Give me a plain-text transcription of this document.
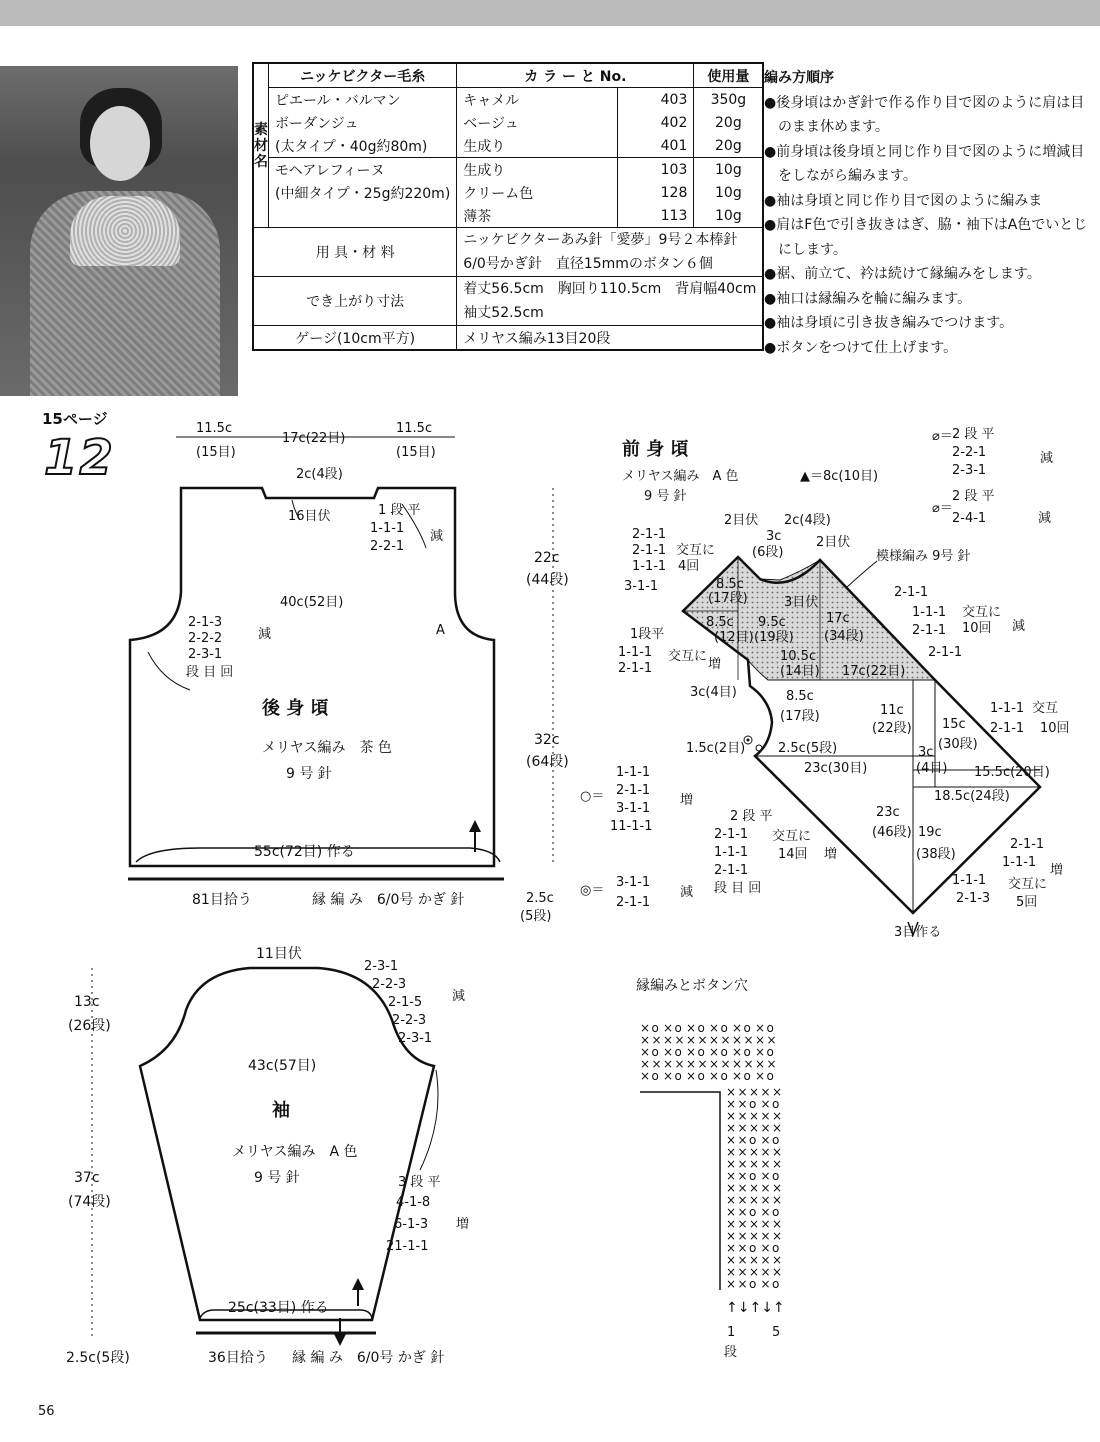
素材名	ニッケビクター毛糸	カ ラ ー と No.		使用量
	ピエール・バルマン	キャメル	403	350g
	ボーダンジュ	ベージュ	402	20g
	(太タイプ・40g約80m)	生成り	401	20g
	モヘアレフィーヌ	生成り	103	10g
	(中細タイプ・25g約220m)	クリーム色	128	10g
		薄茶	113	10g
用 具・材 料		ニッケビクターあみ針「愛夢」9号２本棒針
6/0号かぎ針　直径15mmのボタン６個		

でき上がり寸法		着丈56.5cm　胸回り110.5cm　背肩幅40cm
袖丈52.5cm		

ゲージ(10cm平方)		メリヤス編み13目20段		
編み方順序
●後身頃はかぎ針で作る作り目で図のように肩は目のまま休めます。
●前身頃は後身頃と同じ作り目で図のように増減目をしながら編みます。
●袖は身頃と同じ作り目で図のように編みま
●肩はF色で引き抜きはぎ、脇・袖下はA色でいとじにします。
●裾、前立て、衿は続けて縁編みをします。
●袖口は縁編みを輪に編みます。
●袖は身頃に引き抜き編みでつけます。
●ボタンをつけて仕上げます。
15ページ
12
56
11.5c
(15目)
17c(22目)
11.5c
(15目)
2c(4段)
16目伏	1 段 平
1-1-1
2-2-1
減
40c(52目)
2-1-3
2-2-2
2-3-1
減
段 目 回
A
後 身 頃
メリヤス編み　茶 色
9 号 針
22c
(44段)
32c
(64段)
55c(72目) 作る
81目拾う	縁 編 み　6/0号 かぎ 針	2.5c
(5段)
前 身 頃
メリヤス編み　A 色	▲＝8c(10目)
9 号 針
⌀＝ 2 段 平
2-2-1
2-3-1
減
⌀＝
2 段 平
2-4-1	減
模様編み 9号 針
2目伏 2c(4段)
3c
(6段)
3目伏
2目伏
8.5c
(17段)
8.5c
(12目)
9.5c
(19段)
17c
(34段)
10.5c
(14目) 17c(22目)
3c(4目)	8.5c
(17段)	11c
(22段) 15c
(30段)
1.5c(2目)	2.5c(5段)
23c(30目)
3c
(4目) 15.5c(20目)
18.5c(24段)
23c
(46段) 19c
(38段)
3目作る
2-1-1
2-1-1
1-1-1
3-1-1
交互に
4回
1段平
1-1-1
2-1-1
交互に
増
2-1-1
1-1-1
2-1-1
2-1-1
交互に
10回 減
1-1-1
2-1-1
交互
10回
○＝
1-1-1
2-1-1
3-1-1
11-1-1
増
◎＝
3-1-1
2-1-1
減
2 段 平
2-1-1
1-1-1
2-1-1
段 目 回
交互に
14回 増
2-1-1
1-1-1
1-1-1
2-1-3
交互に
5回
増
11目伏
2-3-1
2-2-3
2-1-5
2-2-3
2-3-1
減
13c
(26段)
43c(57目)
袖
メリヤス編み　A 色
9 号 針
37c
(74段)
3 段 平
4-1-8
6-1-3
21-1-1
増
25c(33目) 作る
36目拾う 縁 編 み　6/0号 かぎ 針
2.5c(5段)
縁編みとボタン穴
× o × o × o × o × o × o
× × × × × × × × × × × ×
× o × o × o × o × o × o
× × × × × × × × × × × ×
× o × o × o × o × o × o
× × × × ×
× × o × o
× × × × ×
× × × × ×
× × o × o
× × × × ×
× × × × ×
× × o × o
× × × × ×
× × × × ×
× × o × o
× × × × ×
× × × × ×
× × o × o
× × × × ×
× × × × ×
× × o × o
↑↓↑↓↑
1	5
段
